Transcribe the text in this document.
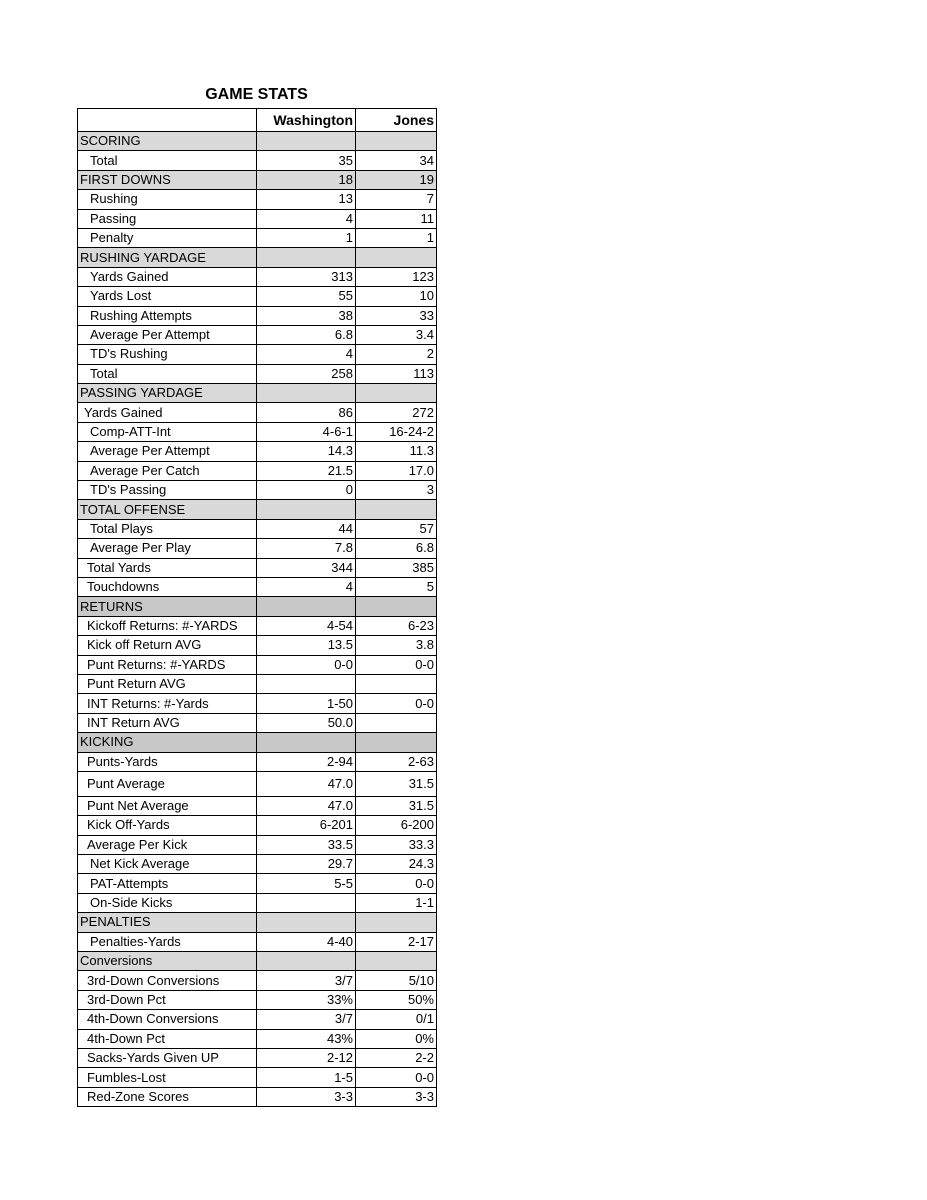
GAME STATS
	Washington	Jones
SCORING		
Total	35	34
FIRST DOWNS	18	19
Rushing	13	7
Passing	4	11
Penalty	1	1
RUSHING YARDAGE		
Yards Gained	313	123
Yards Lost	55	10
Rushing Attempts	38	33
Average Per Attempt	6.8	3.4
TD's Rushing	4	2
Total	258	113
PASSING YARDAGE		
Yards Gained	86	272
Comp-ATT-Int	4-6-1	16-24-2
Average Per Attempt	14.3	11.3
Average Per Catch	21.5	17.0
TD's Passing	0	3
TOTAL OFFENSE		
Total Plays	44	57
Average Per Play	7.8	6.8
Total Yards	344	385
Touchdowns	4	5
RETURNS		
Kickoff Returns: #-YARDS	4-54	6-23
Kick off Return AVG	13.5	3.8
Punt Returns: #-YARDS	0-0	0-0
Punt Return AVG		
INT Returns: #-Yards	1-50	0-0
INT Return AVG	50.0	
KICKING		
Punts-Yards	2-94	2-63
Punt Average	47.0	31.5
Punt Net Average	47.0	31.5
Kick Off-Yards	6-201	6-200
Average Per Kick	33.5	33.3
Net Kick Average	29.7	24.3
PAT-Attempts	5-5	0-0
On-Side Kicks		1-1
PENALTIES		
Penalties-Yards	4-40	2-17
Conversions		
3rd-Down Conversions	3/7	5/10
3rd-Down Pct	33%	50%
4th-Down Conversions	3/7	0/1
4th-Down Pct	43%	0%
Sacks-Yards Given UP	2-12	2-2
Fumbles-Lost	1-5	0-0
Red-Zone Scores	3-3	3-3
